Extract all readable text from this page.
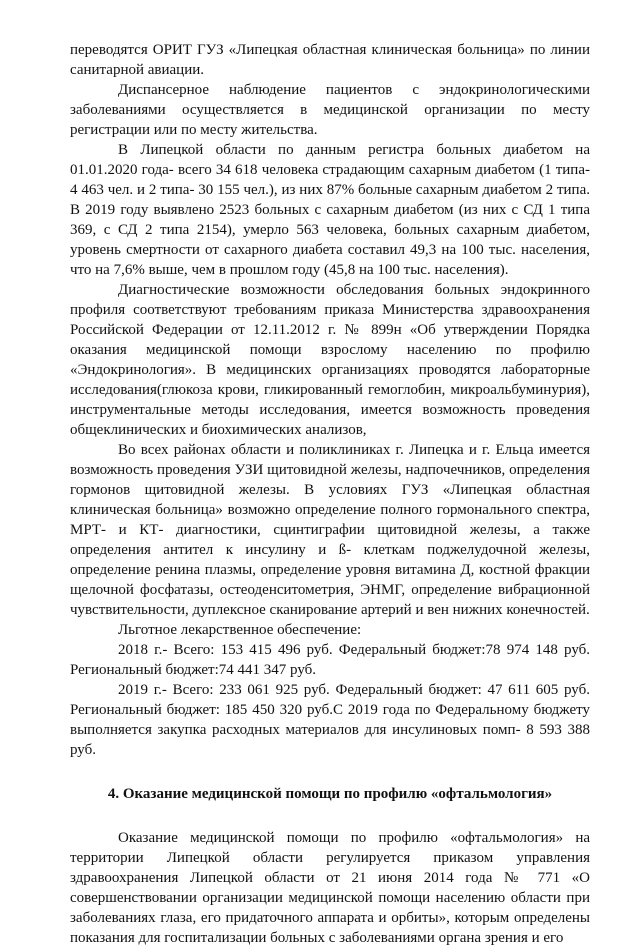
переводятся ОРИТ ГУЗ «Липецкая областная клиническая больница» по линии санитарной авиации.

Диспансерное наблюдение пациентов с эндокринологическими заболеваниями осуществляется в медицинской организации по месту регистрации или по месту жительства.

В Липецкой области по данным регистра больных диабетом на 01.01.2020 года- всего 34 618 человека страдающим сахарным диабетом (1 типа- 4 463 чел. и 2 типа- 30 155 чел.), из них 87% больные сахарным диабетом 2 типа. В 2019 году выявлено 2523 больных с сахарным диабетом (из них с СД 1 типа 369, с СД 2 типа 2154), умерло 563 человека, больных сахарным диабетом, уровень смертности от сахарного диабета составил 49,3 на 100 тыс. населения, что на 7,6% выше, чем в прошлом году (45,8 на 100 тыс. населения).

Диагностические возможности обследования больных эндокринного профиля соответствуют требованиям приказа Министерства здравоохранения Российской Федерации от 12.11.2012 г. № 899н «Об утверждении Порядка оказания медицинской помощи взрослому населению по профилю «Эндокринология». В медицинских организациях проводятся лабораторные исследования(глюкоза крови, гликированный гемоглобин, микроальбуминурия), инструментальные методы исследования, имеется возможность проведения общеклинических и биохимических анализов,

Во всех районах области и поликлиниках г. Липецка и г. Ельца имеется возможность проведения УЗИ щитовидной железы, надпочечников, определения гормонов щитовидной железы. В условиях ГУЗ «Липецкая областная клиническая больница» возможно определение полного гормонального спектра, МРТ- и КТ- диагностики, сцинтиграфии щитовидной железы, а также определения антител к инсулину и ß- клеткам поджелудочной железы, определение ренина плазмы, определение уровня витамина Д, костной фракции щелочной фосфатазы, остеоденситометрия, ЭНМГ, определение вибрационной чувствительности, дуплексное сканирование артерий и вен нижних конечностей.

Льготное лекарственное обеспечение:

2018 г.- Всего: 153 415 496 руб. Федеральный бюджет:78 974 148 руб. Региональный бюджет:74 441 347 руб.

2019 г.- Всего: 233 061 925 руб. Федеральный бюджет: 47 611 605 руб. Региональный бюджет: 185 450 320 руб.С 2019 года по Федеральному бюджету выполняется закупка расходных материалов для инсулиновых помп- 8 593 388 руб.

4. Оказание медицинской помощи по профилю «офтальмология»

Оказание медицинской помощи по профилю «офтальмология» на территории Липецкой области регулируется приказом управления здравоохранения Липецкой области от 21 июня 2014 года № 771 «О совершенствовании организации медицинской помощи населению области при заболеваниях глаза, его придаточного аппарата и орбиты», которым определены показания для госпитализации больных с заболеваниями органа зрения и его
